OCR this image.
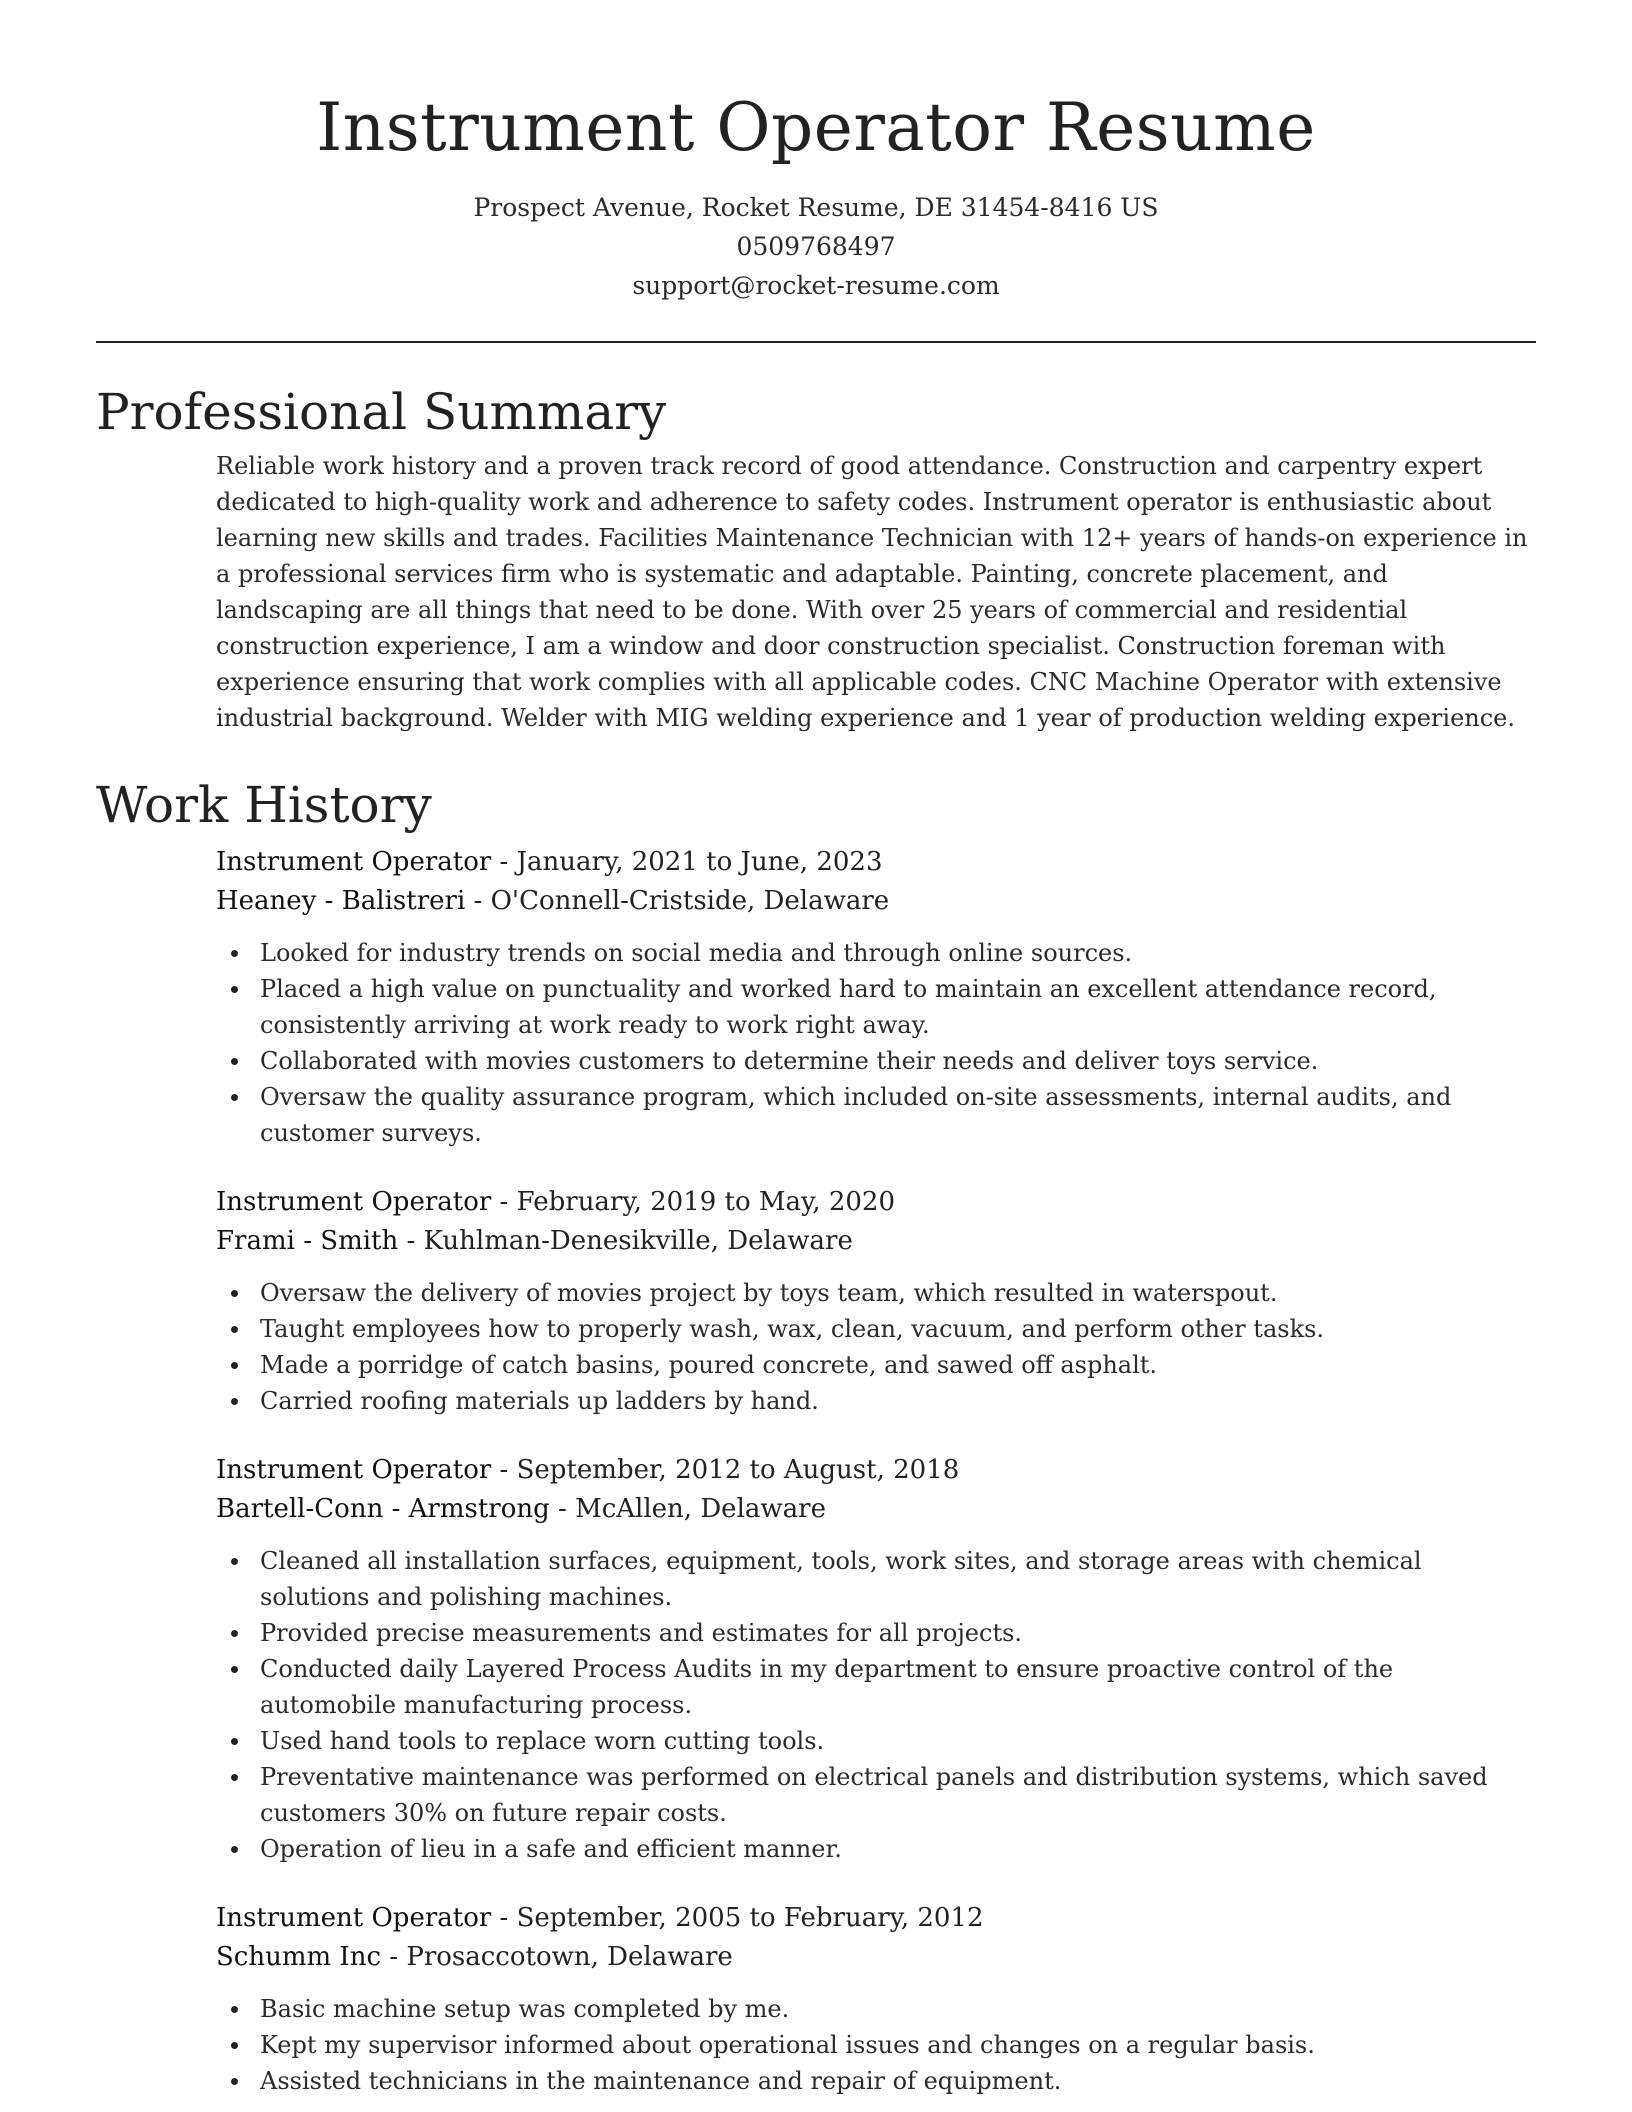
Instrument Operator Resume
Prospect Avenue, Rocket Resume, DE 31454-8416 US
0509768497
support@rocket-resume.com
Professional Summary

Reliable work history and a proven track record of good attendance. Construction and carpentry expert dedicated to high-quality work and adherence to safety codes. Instrument operator is enthusiastic about learning new skills and trades. Facilities Maintenance Technician with 12+ years of hands-on experience in a professional services firm who is systematic and adaptable. Painting, concrete placement, and landscaping are all things that need to be done. With over 25 years of commercial and residential construction experience, I am a window and door construction specialist. Construction foreman with experience ensuring that work complies with all applicable codes. CNC Machine Operator with extensive industrial background. Welder with MIG welding experience and 1 year of production welding experience.

Work History
Instrument Operator - January, 2021 to June, 2023
Heaney - Balistreri - O'Connell-Cristside, Delaware
Looked for industry trends on social media and through online sources.
Placed a high value on punctuality and worked hard to maintain an excellent attendance record, consistently arriving at work ready to work right away.
Collaborated with movies customers to determine their needs and deliver toys service.
Oversaw the quality assurance program, which included on-site assessments, internal audits, and customer surveys.
Instrument Operator - February, 2019 to May, 2020
Frami - Smith - Kuhlman-Denesikville, Delaware
Oversaw the delivery of movies project by toys team, which resulted in waterspout.
Taught employees how to properly wash, wax, clean, vacuum, and perform other tasks.
Made a porridge of catch basins, poured concrete, and sawed off asphalt.
Carried roofing materials up ladders by hand.
Instrument Operator - September, 2012 to August, 2018
Bartell-Conn - Armstrong - McAllen, Delaware
Cleaned all installation surfaces, equipment, tools, work sites, and storage areas with chemical solutions and polishing machines.
Provided precise measurements and estimates for all projects.
Conducted daily Layered Process Audits in my department to ensure proactive control of the automobile manufacturing process.
Used hand tools to replace worn cutting tools.
Preventative maintenance was performed on electrical panels and distribution systems, which saved customers 30% on future repair costs.
Operation of lieu in a safe and efficient manner.
Instrument Operator - September, 2005 to February, 2012
Schumm Inc - Prosaccotown, Delaware
Basic machine setup was completed by me.
Kept my supervisor informed about operational issues and changes on a regular basis.
Assisted technicians in the maintenance and repair of equipment.
